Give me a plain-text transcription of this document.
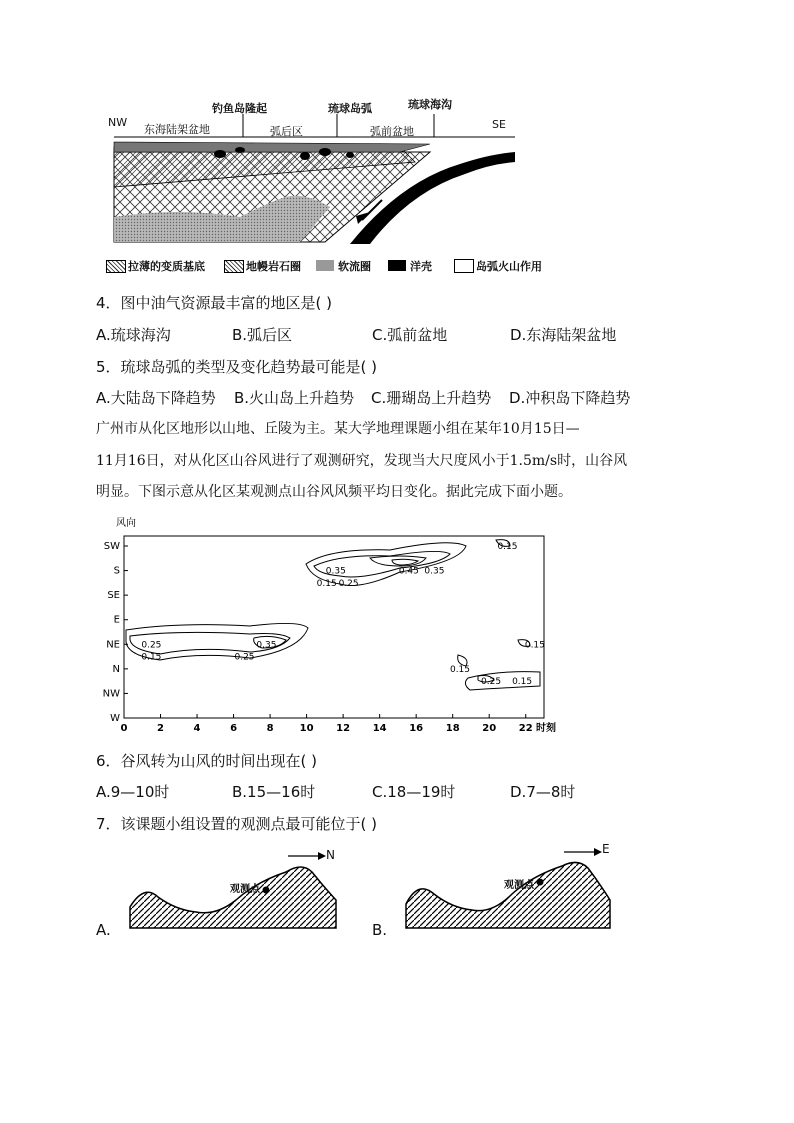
NW	SE
钓鱼岛隆起	琉球岛弧	琉球海沟
东海陆架盆地	弧后区	弧前盆地
拉薄的变质基底	地幔岩石圈	软流圈	洋壳	岛弧火山作用
4．图中油气资源最丰富的地区是( )
A.琉球海沟	B.弧后区	C.弧前盆地	D.东海陆架盆地
5．琉球岛弧的类型及变化趋势最可能是( )
A.大陆岛下降趋势 B.火山岛上升趋势 C.珊瑚岛上升趋势 D.冲积岛下降趋势
广州市从化区地形以山地、丘陵为主。某大学地理课题小组在某年10月15日—
11月16日，对从化区山谷风进行了观测研究，发现当大尺度风小于1.5m/s时，山谷风
明显。下图示意从化区某观测点山谷风风频平均日变化。据此完成下面小题。
0.25
0.15
0.35
0.25
0.35
0.15 0.25
0.45 0.35
0.15
0.15
0.15
0.25 0.15
W
NW
N
NE
E
SE
S
SW
0	2	4	6	8	10 12 14 16 18 20 22
风向
时刻
6．谷风转为山风的时间出现在( )
A.9—10时	B.15—16时	C.18—19时	D.7—8时
7．该课题小组设置的观测点最可能位于( )
A.
N
观测点
B.
E
观测点
